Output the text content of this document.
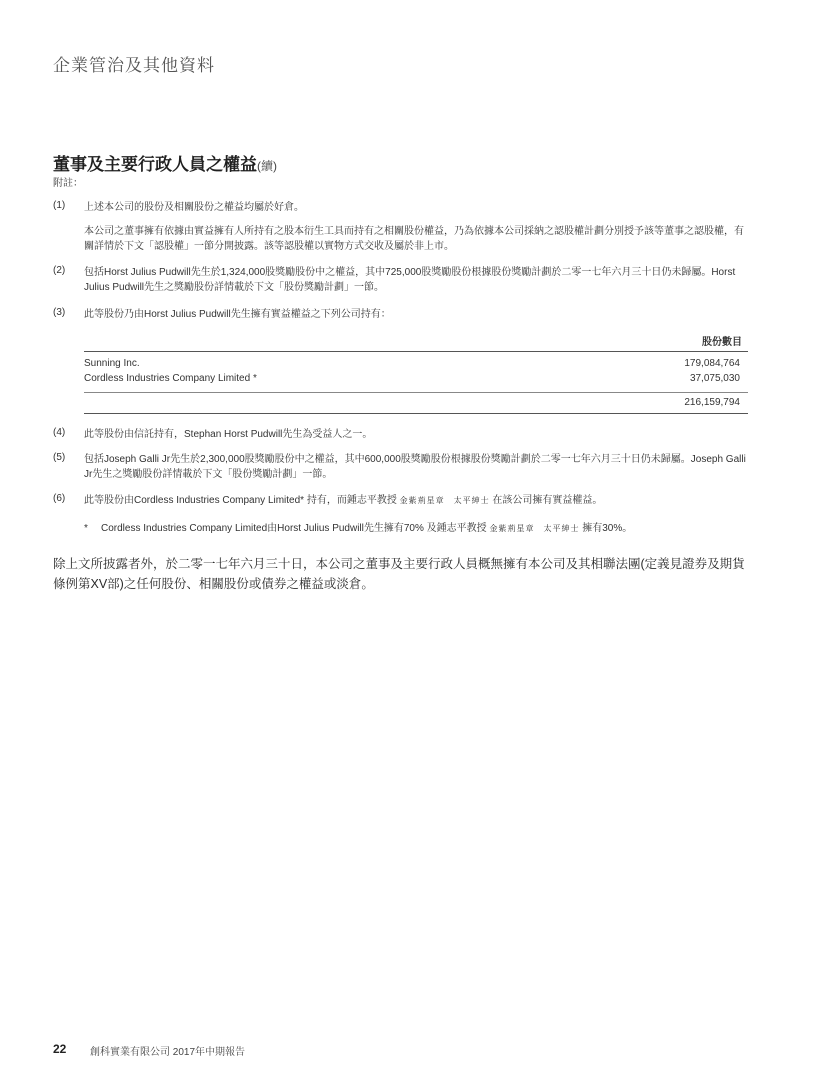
企業管治及其他資料
董事及主要行政人員之權益(續)
附註：
(1) 上述本公司的股份及相關股份之權益均屬於好倉。
本公司之董事擁有依據由實益擁有人所持有之股本衍生工具而持有之相關股份權益，乃為依據本公司採納之認股權計劃分別授予該等董事之認股權，有關詳情於下文「認股權」一節分開披露。該等認股權以實物方式交收及屬於非上市。
(2) 包括Horst Julius Pudwill先生於1,324,000股獎勵股份中之權益，其中725,000股獎勵股份根據股份獎勵計劃於二零一七年六月三十日仍未歸屬。Horst Julius Pudwill先生之獎勵股份詳情載於下文「股份獎勵計劃」一節。
(3) 此等股份乃由Horst Julius Pudwill先生擁有實益權益之下列公司持有：
股份數目
Sunning Inc.	179,084,764
Cordless Industries Company Limited *	37,075,030
216,159,794
(4) 此等股份由信託持有，Stephan Horst Pudwill先生為受益人之一。
(5) 包括Joseph Galli Jr先生於2,300,000股獎勵股份中之權益，其中600,000股獎勵股份根據股份獎勵計劃於二零一七年六月三十日仍未歸屬。Joseph Galli Jr先生之獎勵股份詳情載於下文「股份獎勵計劃」一節。
(6) 此等股份由Cordless Industries Company Limited* 持有，而鍾志平教授 金紫荊星章　太平紳士 在該公司擁有實益權益。
* Cordless Industries Company Limited由Horst Julius Pudwill先生擁有70% 及鍾志平教授 金紫荊星章　太平紳士 擁有30%。
除上文所披露者外，於二零一七年六月三十日，本公司之董事及主要行政人員概無擁有本公司及其相聯法團(定義見證券及期貨條例第XV部)之任何股份、相關股份或債券之權益或淡倉。
22 創科實業有限公司 2017年中期報告
